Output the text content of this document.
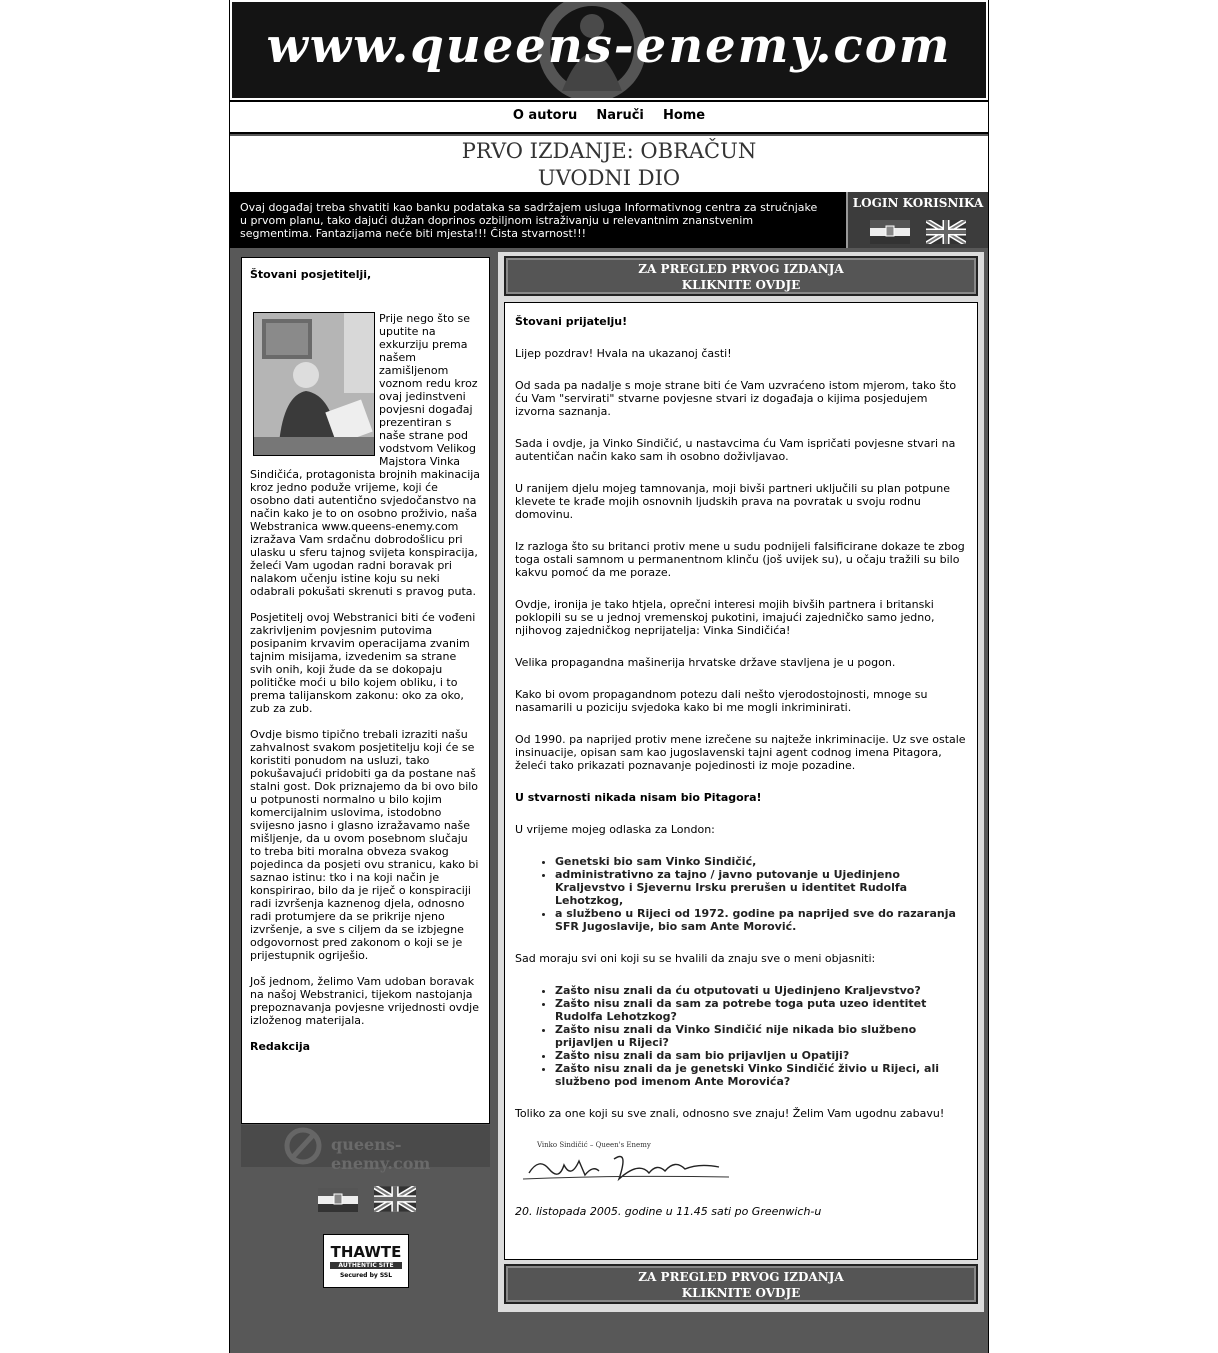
www.queens-enemy.com
O autoru Naruči Home
PRVO IZDANJE: OBRAČUN
UVODNI DIO
Ovaj događaj treba shvatiti kao banku podataka sa sadržajem usluga Informativnog centra za stručnjake u prvom planu, tako dajući dužan doprinos ozbiljnom istraživanju u relevantnim znanstvenim segmentima. Fantazijama neće biti mjesta!!! Čista stvarnost!!!
LOGIN KORISNIKA

Štovani posjetitelji,

Prije nego što se uputite na exkurziju prema našem zamišljenom voznom redu kroz ovaj jedinstveni povjesni događaj prezentiran s naše strane pod vodstvom Velikog Majstora Vinka Sindičića, protagonista brojnih makinacija kroz jedno poduže vrijeme, koji će osobno dati autentično svjedočanstvo na način kako je to on osobno proživio, naša Webstranica www.queens-enemy.com izražava Vam srdačnu dobrodošlicu pri ulasku u sferu tajnog svijeta konspiracija, želeći Vam ugodan radni boravak pri nalakom učenju istine koju su neki odabrali pokušati skrenuti s pravog puta.

Posjetitelj ovoj Webstranici biti će vođeni zakrivljenim povjesnim putovima posipanim krvavim operacijama zvanim tajnim misijama, izvedenim sa strane svih onih, koji žude da se dokopaju političke moći u bilo kojem obliku, i to prema talijanskom zakonu: oko za oko, zub za zub.

Ovdje bismo tipično trebali izraziti našu zahvalnost svakom posjetitelju koji će se koristiti ponudom na usluzi, tako pokušavajući pridobiti ga da postane naš stalni gost. Dok priznajemo da bi ovo bilo u potpunosti normalno u bilo kojim komercijalnim uslovima, istodobno svijesno jasno i glasno izražavamo naše mišljenje, da u ovom posebnom slučaju to treba biti moralna obveza svakog pojedinca da posjeti ovu stranicu, kako bi saznao istinu: tko i na koji način je konspirirao, bilo da je riječ o konspiraciji radi izvršenja kaznenog djela, odnosno radi protumjere da se prikrije njeno izvršenje, a sve s ciljem da se izbjegne odgovornost pred zakonom o koji se je prijestupnik ogriješio.

Još jednom, želimo Vam udoban boravak na našoj Webstranici, tijekom nastojanja prepoznavanja povjesne vrijednosti ovdje izloženog materijala.

Redakcija

queens-enemy.com
THAWTE
AUTHENTIC SITE
Secured by SSL
ZA PREGLED PRVOG IZDANJA
KLIKNITE OVDJE

Štovani prijatelju!

Lijep pozdrav! Hvala na ukazanoj časti!

Od sada pa nadalje s moje strane biti će Vam uzvraćeno istom mjerom, tako što ću Vam "servirati" stvarne povjesne stvari iz događaja o kijima posjedujem izvorna saznanja.

Sada i ovdje, ja Vinko Sindičić, u nastavcima ću Vam ispričati povjesne stvari na autentičan način kako sam ih osobno doživljavao.

U ranijem djelu mojeg tamnovanja, moji bivši partneri uključili su plan potpune klevete te krađe mojih osnovnih ljudskih prava na povratak u svoju rodnu domovinu.

Iz razloga što su britanci protiv mene u sudu podnijeli falsificirane dokaze te zbog toga ostali samnom u permanentnom klinču (još uvijek su), u očaju tražili su bilo kakvu pomoć da me poraze.

Ovdje, ironija je tako htjela, oprečni interesi mojih bivših partnera i britanski poklopili su se u jednoj vremenskoj pukotini, imajući zajedničko samo jedno, njihovog zajedničkog neprijatelja: Vinka Sindičića!

Velika propagandna mašinerija hrvatske države stavljena je u pogon.

Kako bi ovom propagandnom potezu dali nešto vjerodostojnosti, mnoge su nasamarili u poziciju svjedoka kako bi me mogli inkriminirati.

Od 1990. pa naprijed protiv mene izrečene su najteže inkriminacije. Uz sve ostale insinuacije, opisan sam kao jugoslavenski tajni agent codnog imena Pitagora, želeći tako prikazati poznavanje pojedinosti iz moje pozadine.

U stvarnosti nikada nisam bio Pitagora!

U vrijeme mojeg odlaska za London:

• Genetski bio sam Vinko Sindičić,
• administrativno za tajno / javno putovanje u Ujedinjeno Kraljevstvo i Sjevernu Irsku prerušen u identitet Rudolfa Lehotzkog,
• a službeno u Rijeci od 1972. godine pa naprijed sve do razaranja SFR Jugoslavije, bio sam Ante Morović.

Sad moraju svi oni koji su se hvalili da znaju sve o meni objasniti:

• Zašto nisu znali da ću otputovati u Ujedinjeno Kraljevstvo?
• Zašto nisu znali da sam za potrebe toga puta uzeo identitet Rudolfa Lehotzkog?
• Zašto nisu znali da Vinko Sindičić nije nikada bio službeno prijavljen u Rijeci?
• Zašto nisu znali da sam bio prijavljen u Opatiji?
• Zašto nisu znali da je genetski Vinko Sindičić živio u Rijeci, ali službeno pod imenom Ante Morovića?

Toliko za one koji su sve znali, odnosno sve znaju! Želim Vam ugodnu zabavu!

Vinko Sindičić – Queen's Enemy

20. listopada 2005. godine u 11.45 sati po Greenwich-u

ZA PREGLED PRVOG IZDANJA
KLIKNITE OVDJE
